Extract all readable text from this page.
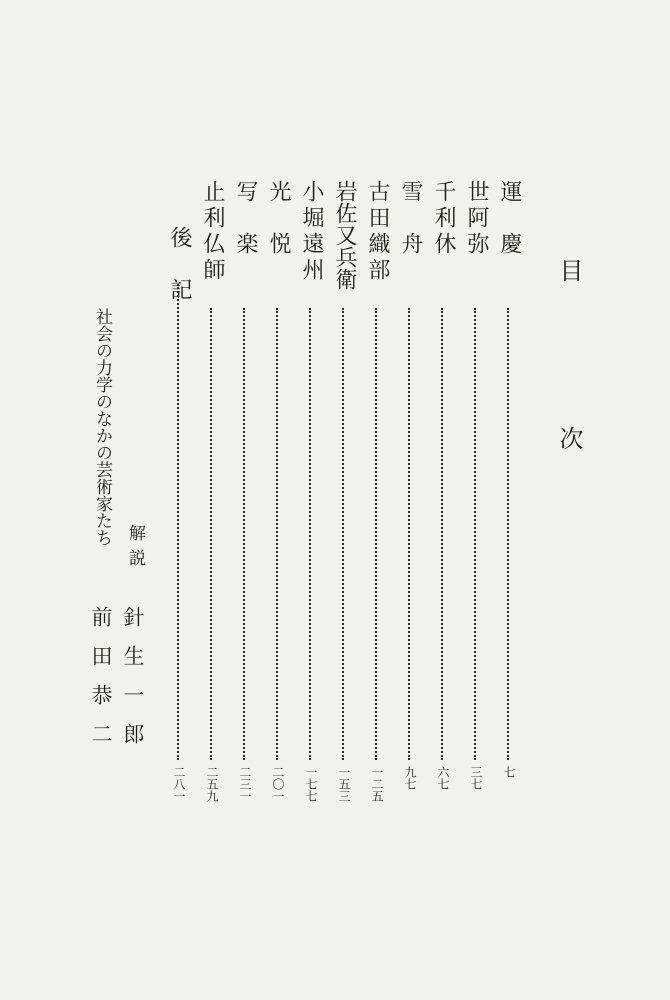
目　次
運　慶
七
世阿弥
三七
千利休
六七
雪　舟
九七
古田織部
一二五
岩佐又兵衛
一五三
小堀遠州
一七七
光　悦
二〇一
写　楽
二三一
止利仏師
二五九
後　記
二八一
社会の力学のなかの芸術家たち
解説
針生一郎
前田恭二
